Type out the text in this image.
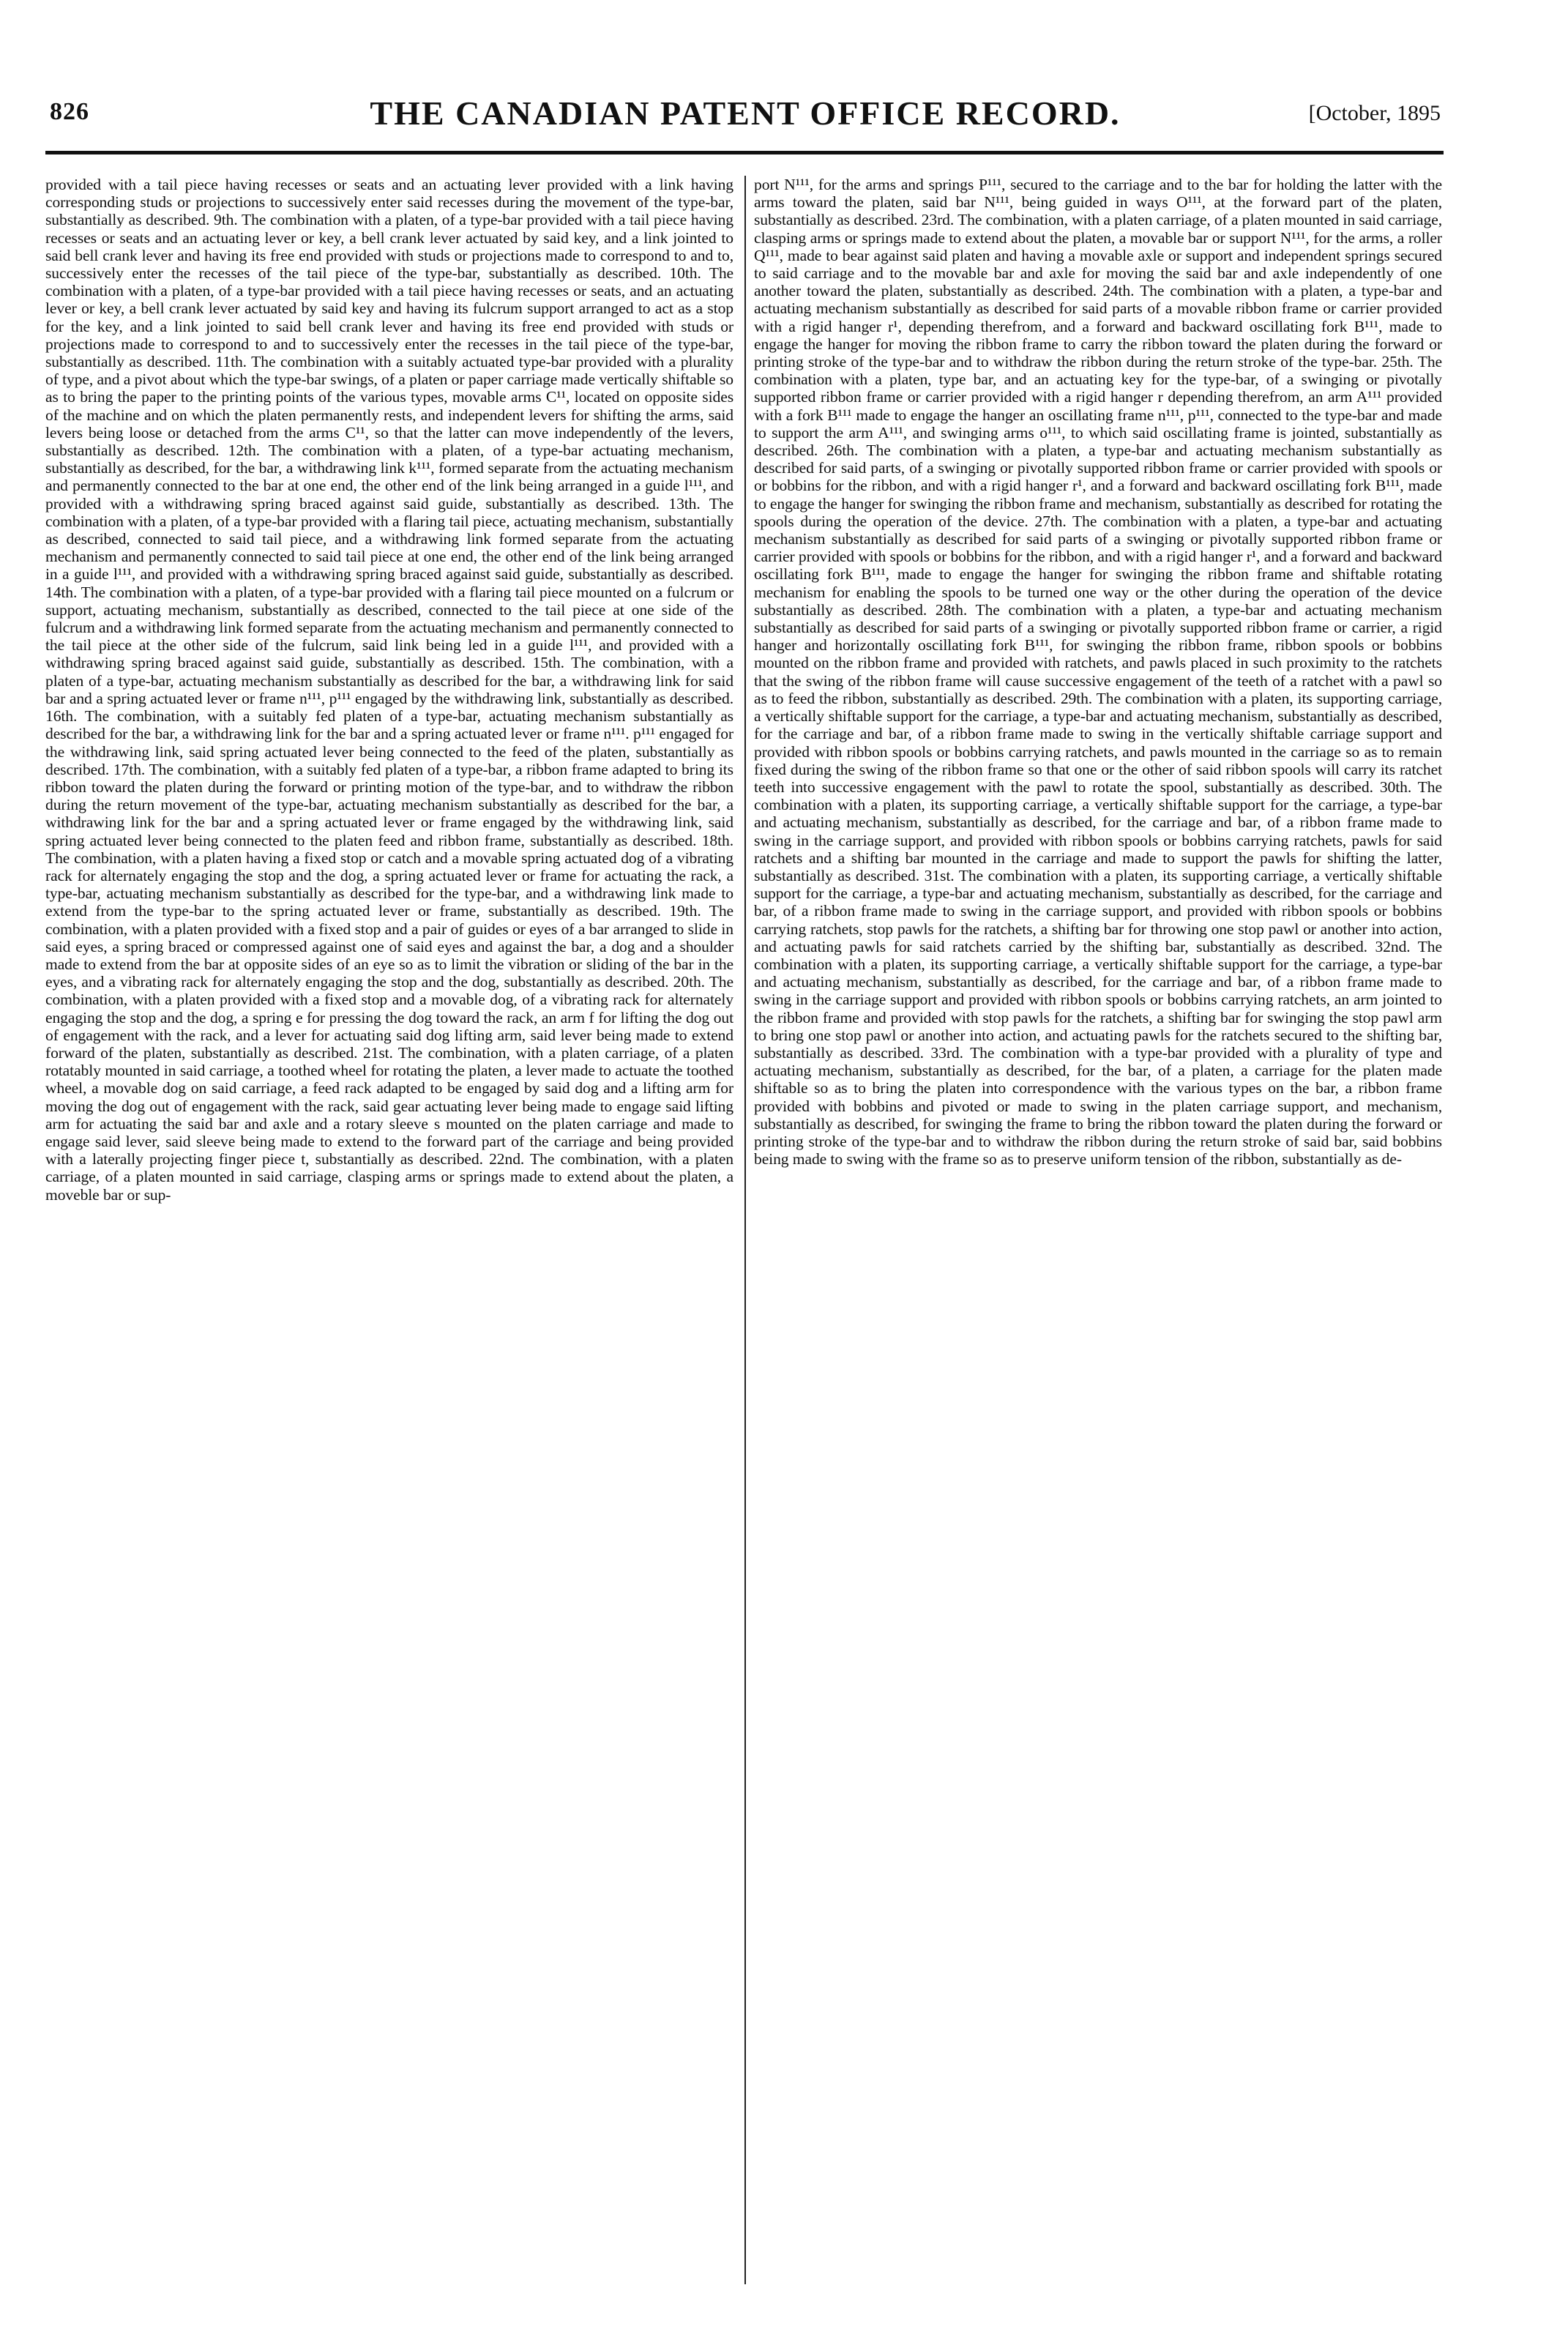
826	THE CANADIAN PATENT OFFICE RECORD.	[October, 1895

provided with a tail piece having recesses or seats and an actuating lever provided with a link having corresponding studs or projections to successively enter said recesses during the movement of the type-bar, substantially as described. 9th. The combination with a platen, of a type-bar provided with a tail piece having recesses or seats and an actuating lever or key, a bell crank lever actuated by said key, and a link jointed to said bell crank lever and having its free end provided with studs or projections made to correspond to and to, successively enter the recesses of the tail piece of the type-bar, substantially as described. 10th. The combination with a platen, of a type-bar provided with a tail piece having recesses or seats, and an actuating lever or key, a bell crank lever actuated by said key and having its fulcrum support arranged to act as a stop for the key, and a link jointed to said bell crank lever and having its free end provided with studs or projections made to correspond to and to successively enter the recesses in the tail piece of the type-bar, substantially as described. 11th. The combination with a suitably actuated type-bar provided with a plurality of type, and a pivot about which the type-bar swings, of a platen or paper carriage made vertically shiftable so as to bring the paper to the printing points of the various types, movable arms C¹¹, located on opposite sides of the machine and on which the platen permanently rests, and independent levers for shifting the arms, said levers being loose or detached from the arms C¹¹, so that the latter can move independently of the levers, substantially as described. 12th. The combination with a platen, of a type-bar actuating mechanism, substantially as described, for the bar, a withdrawing link k¹¹¹, formed separate from the actuating mechanism and permanently connected to the bar at one end, the other end of the link being arranged in a guide l¹¹¹, and provided with a withdrawing spring braced against said guide, substantially as described. 13th. The combination with a platen, of a type-bar provided with a flaring tail piece, actuating mechanism, substantially as described, connected to said tail piece, and a withdrawing link formed separate from the actuating mechanism and permanently connected to said tail piece at one end, the other end of the link being arranged in a guide l¹¹¹, and provided with a withdrawing spring braced against said guide, substantially as described. 14th. The combination with a platen, of a type-bar provided with a flaring tail piece mounted on a fulcrum or support, actuating mechanism, substantially as described, connected to the tail piece at one side of the fulcrum and a withdrawing link formed separate from the actuating mechanism and permanently connected to the tail piece at the other side of the fulcrum, said link being led in a guide l¹¹¹, and provided with a withdrawing spring braced against said guide, substantially as described. 15th. The combination, with a platen of a type-bar, actuating mechanism substantially as described for the bar, a withdrawing link for said bar and a spring actuated lever or frame n¹¹¹, p¹¹¹ engaged by the withdrawing link, substantially as described. 16th. The combination, with a suitably fed platen of a type-bar, actuating mechanism substantially as described for the bar, a withdrawing link for the bar and a spring actuated lever or frame n¹¹¹. p¹¹¹ engaged for the withdrawing link, said spring actuated lever being connected to the feed of the platen, substantially as described. 17th. The combination, with a suitably fed platen of a type-bar, a ribbon frame adapted to bring its ribbon toward the platen during the forward or printing motion of the type-bar, and to withdraw the ribbon during the return movement of the type-bar, actuating mechanism substantially as described for the bar, a withdrawing link for the bar and a spring actuated lever or frame engaged by the withdrawing link, said spring actuated lever being connected to the platen feed and ribbon frame, substantially as described. 18th. The combination, with a platen having a fixed stop or catch and a movable spring actuated dog of a vibrating rack for alternately engaging the stop and the dog, a spring actuated lever or frame for actuating the rack, a type-bar, actuating mechanism substantially as described for the type-bar, and a withdrawing link made to extend from the type-bar to the spring actuated lever or frame, substantially as described. 19th. The combination, with a platen provided with a fixed stop and a pair of guides or eyes of a bar arranged to slide in said eyes, a spring braced or compressed against one of said eyes and against the bar, a dog and a shoulder made to extend from the bar at opposite sides of an eye so as to limit the vibration or sliding of the bar in the eyes, and a vibrating rack for alternately engaging the stop and the dog, substantially as described. 20th. The combination, with a platen provided with a fixed stop and a movable dog, of a vibrating rack for alternately engaging the stop and the dog, a spring e for pressing the dog toward the rack, an arm f for lifting the dog out of engagement with the rack, and a lever for actuating said dog lifting arm, said lever being made to extend forward of the platen, substantially as described. 21st. The combination, with a platen carriage, of a platen rotatably mounted in said carriage, a toothed wheel for rotating the platen, a lever made to actuate the toothed wheel, a movable dog on said carriage, a feed rack adapted to be engaged by said dog and a lifting arm for moving the dog out of engagement with the rack, said gear actuating lever being made to engage said lifting arm for actuating the said bar and axle and a rotary sleeve s mounted on the platen carriage and made to engage said lever, said sleeve being made to extend to the forward part of the carriage and being provided with a laterally projecting finger piece t, substantially as described. 22nd. The combination, with a platen carriage, of a platen mounted in said carriage, clasping arms or springs made to extend about the platen, a moveble bar or sup-

port N¹¹¹, for the arms and springs P¹¹¹, secured to the carriage and to the bar for holding the latter with the arms toward the platen, said bar N¹¹¹, being guided in ways O¹¹¹, at the forward part of the platen, substantially as described. 23rd. The combination, with a platen carriage, of a platen mounted in said carriage, clasping arms or springs made to extend about the platen, a movable bar or support N¹¹¹, for the arms, a roller Q¹¹¹, made to bear against said platen and having a movable axle or support and independent springs secured to said carriage and to the movable bar and axle for moving the said bar and axle independently of one another toward the platen, substantially as described. 24th. The combination with a platen, a type-bar and actuating mechanism substantially as described for said parts of a movable ribbon frame or carrier provided with a rigid hanger r¹, depending therefrom, and a forward and backward oscillating fork B¹¹¹, made to engage the hanger for moving the ribbon frame to carry the ribbon toward the platen during the forward or printing stroke of the type-bar and to withdraw the ribbon during the return stroke of the type-bar. 25th. The combination with a platen, type bar, and an actuating key for the type-bar, of a swinging or pivotally supported ribbon frame or carrier provided with a rigid hanger r depending therefrom, an arm A¹¹¹ provided with a fork B¹¹¹ made to engage the hanger an oscillating frame n¹¹¹, p¹¹¹, connected to the type-bar and made to support the arm A¹¹¹, and swinging arms o¹¹¹, to which said oscillating frame is jointed, substantially as described. 26th. The combination with a platen, a type-bar and actuating mechanism substantially as described for said parts, of a swinging or pivotally supported ribbon frame or carrier provided with spools or or bobbins for the ribbon, and with a rigid hanger r¹, and a forward and backward oscillating fork B¹¹¹, made to engage the hanger for swinging the ribbon frame and mechanism, substantially as described for rotating the spools during the operation of the device. 27th. The combination with a platen, a type-bar and actuating mechanism substantially as described for said parts of a swinging or pivotally supported ribbon frame or carrier provided with spools or bobbins for the ribbon, and with a rigid hanger r¹, and a forward and backward oscillating fork B¹¹¹, made to engage the hanger for swinging the ribbon frame and shiftable rotating mechanism for enabling the spools to be turned one way or the other during the operation of the device substantially as described. 28th. The combination with a platen, a type-bar and actuating mechanism substantially as described for said parts of a swinging or pivotally supported ribbon frame or carrier, a rigid hanger and horizontally oscillating fork B¹¹¹, for swinging the ribbon frame, ribbon spools or bobbins mounted on the ribbon frame and provided with ratchets, and pawls placed in such proximity to the ratchets that the swing of the ribbon frame will cause successive engagement of the teeth of a ratchet with a pawl so as to feed the ribbon, substantially as described. 29th. The combination with a platen, its supporting carriage, a vertically shiftable support for the carriage, a type-bar and actuating mechanism, substantially as described, for the carriage and bar, of a ribbon frame made to swing in the vertically shiftable carriage support and provided with ribbon spools or bobbins carrying ratchets, and pawls mounted in the carriage so as to remain fixed during the swing of the ribbon frame so that one or the other of said ribbon spools will carry its ratchet teeth into successive engagement with the pawl to rotate the spool, substantially as described. 30th. The combination with a platen, its supporting carriage, a vertically shiftable support for the carriage, a type-bar and actuating mechanism, substantially as described, for the carriage and bar, of a ribbon frame made to swing in the carriage support, and provided with ribbon spools or bobbins carrying ratchets, pawls for said ratchets and a shifting bar mounted in the carriage and made to support the pawls for shifting the latter, substantially as described. 31st. The combination with a platen, its supporting carriage, a vertically shiftable support for the carriage, a type-bar and actuating mechanism, substantially as described, for the carriage and bar, of a ribbon frame made to swing in the carriage support, and provided with ribbon spools or bobbins carrying ratchets, stop pawls for the ratchets, a shifting bar for throwing one stop pawl or another into action, and actuating pawls for said ratchets carried by the shifting bar, substantially as described. 32nd. The combination with a platen, its supporting carriage, a vertically shiftable support for the carriage, a type-bar and actuating mechanism, substantially as described, for the carriage and bar, of a ribbon frame made to swing in the carriage support and provided with ribbon spools or bobbins carrying ratchets, an arm jointed to the ribbon frame and provided with stop pawls for the ratchets, a shifting bar for swinging the stop pawl arm to bring one stop pawl or another into action, and actuating pawls for the ratchets secured to the shifting bar, substantially as described. 33rd. The combination with a type-bar provided with a plurality of type and actuating mechanism, substantially as described, for the bar, of a platen, a carriage for the platen made shiftable so as to bring the platen into correspondence with the various types on the bar, a ribbon frame provided with bobbins and pivoted or made to swing in the platen carriage support, and mechanism, substantially as described, for swinging the frame to bring the ribbon toward the platen during the forward or printing stroke of the type-bar and to withdraw the ribbon during the return stroke of said bar, said bobbins being made to swing with the frame so as to preserve uniform tension of the ribbon, substantially as de-
